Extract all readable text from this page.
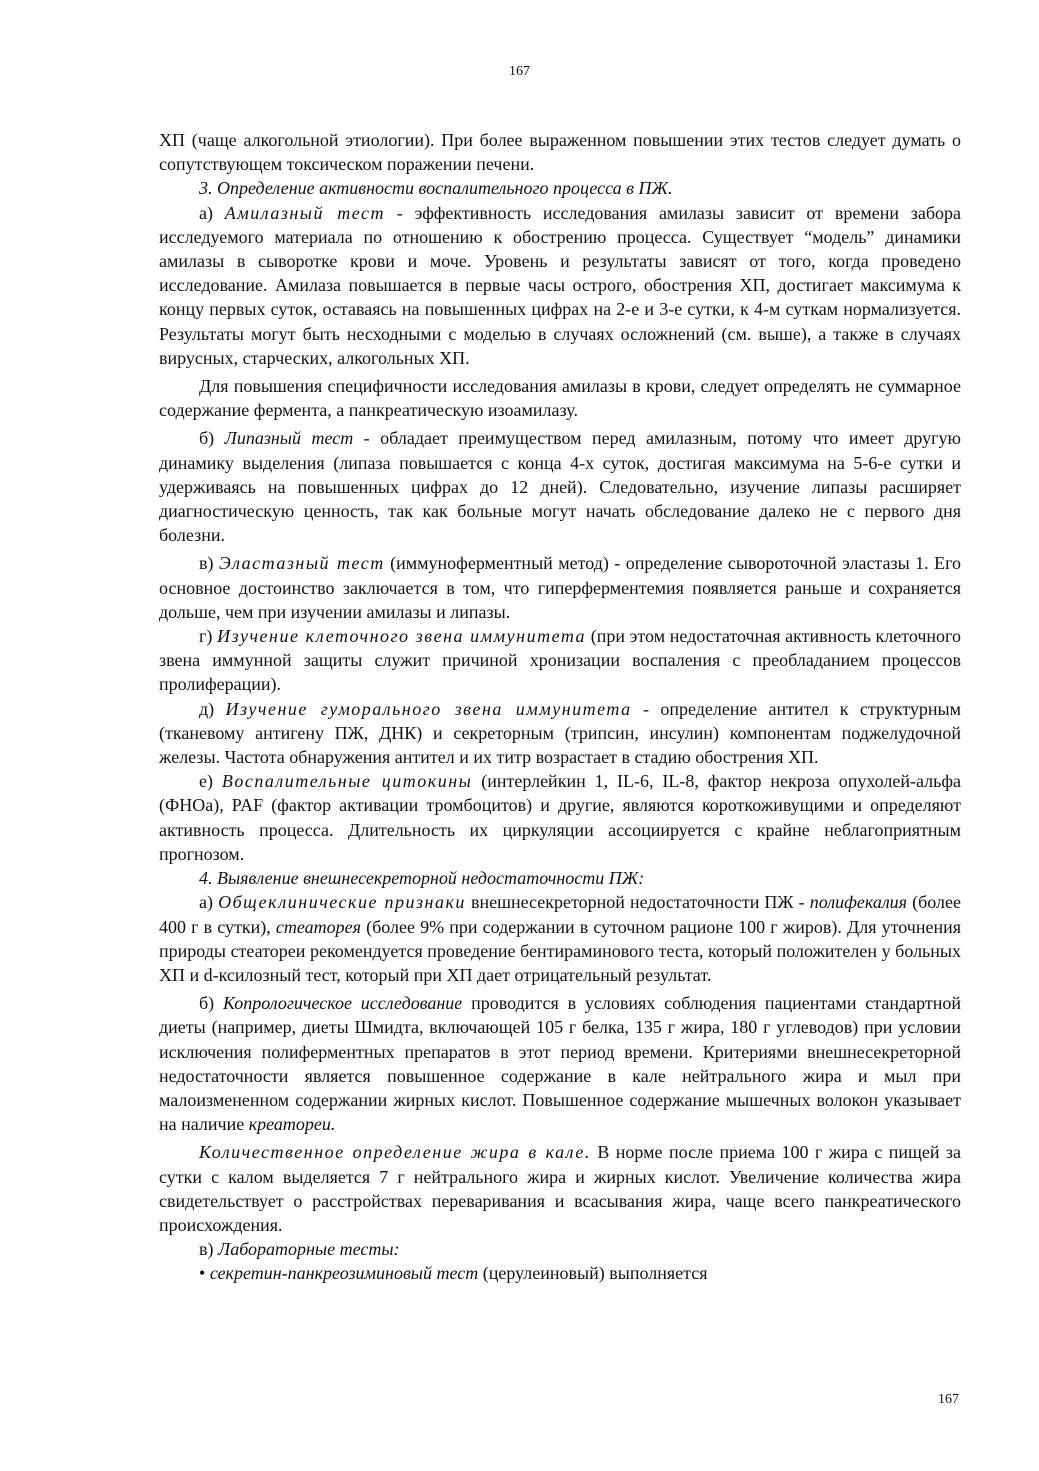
167

ХП (чаще алкогольной этиологии). При более выраженном повышении этих тестов следует думать о сопутствующем токсическом поражении печени.

3. Определение активности воспалительного процесса в ПЖ.

а) Амилазный тест - эффективность исследования амилазы зависит от времени забора исследуемого материала по отношению к обострению процесса. Существует “модель” динамики амилазы в сыворотке крови и моче. Уровень и результаты зависят от того, когда проведено исследование. Амилаза повышается в первые часы острого, обострения ХП, достигает максимума к концу первых суток, оставаясь на повышенных цифрах на 2-е и 3-е сутки, к 4-м суткам нормализуется. Результаты могут быть несходными с моделью в случаях осложнений (см. выше), а также в случаях вирусных, старческих, алкогольных ХП.

Для повышения специфичности исследования амилазы в крови, следует определять не суммарное содержание фермента, а панкреатическую изоамилазу.

б) Липазный тест - обладает преимуществом перед амилазным, потому что имеет другую динамику выделения (липаза повышается с конца 4-х суток, достигая максимума на 5-6-е сутки и удерживаясь на повышенных цифрах до 12 дней). Следовательно, изучение липазы расширяет диагностическую ценность, так как больные могут начать обследование далеко не с первого дня болезни.

в) Эластазный тест (иммуноферментный метод) - определение сывороточной эластазы 1. Его основное достоинство заключается в том, что гиперферментемия появляется раньше и сохраняется дольше, чем при изучении амилазы и липазы.

г) Изучение клеточного звена иммунитета (при этом недостаточная активность клеточного звена иммунной защиты служит причиной хронизации воспаления с преобладанием процессов пролиферации).

д) Изучение гуморального звена иммунитета - определение антител к структурным (тканевому антигену ПЖ, ДНК) и секреторным (трипсин, инсулин) компонентам поджелудочной железы. Частота обнаружения антител и их титр возрастает в стадию обострения ХП.

е) Воспалительные цитокины (интерлейкин 1, IL-6, IL-8, фактор некроза опухолей-альфа (ФНОа), PAF (фактор активации тромбоцитов) и другие, являются короткоживущими и определяют активность процесса. Длительность их циркуляции ассоциируется с крайне неблагоприятным прогнозом.

4. Выявление внешнесекреторной недостаточности ПЖ:

а) Общеклинические признаки внешнесекреторной недостаточности ПЖ - полифекалия (более 400 г в сутки), стеаторея (более 9% при содержании в суточном рационе 100 г жиров). Для уточнения природы стеатореи рекомендуется проведение бентираминового теста, который положителен у больных ХП и d-ксилозный тест, который при ХП дает отрицательный результат.

б) Копрологическое исследование проводится в условиях соблюдения пациентами стандартной диеты (например, диеты Шмидта, включающей 105 г белка, 135 г жира, 180 г углеводов) при условии исключения полиферментных препаратов в этот период времени. Критериями внешнесекреторной недостаточности является повышенное содержание в кале нейтрального жира и мыл при малоизмененном содержании жирных кислот. Повышенное содержание мышечных волокон указывает на наличие креатореи.

Количественное определение жира в кале. В норме после приема 100 г жира с пищей за сутки с калом выделяется 7 г нейтрального жира и жирных кислот. Увеличение количества жира свидетельствует о расстройствах переваривания и всасывания жира, чаще всего панкреатического происхождения.

в) Лабораторные тесты:

• секретин-панкреозиминовый тест (церулеиновый) выполняется

167
